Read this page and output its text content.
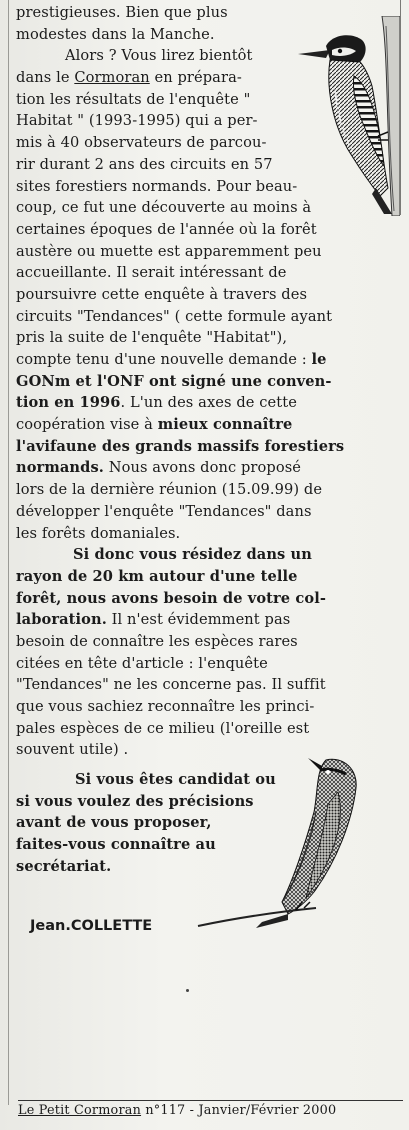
prestigieuses. Bien que plus
modestes dans la Manche.
Alors ? Vous lirez bientôt
dans le Cormoran en prépara-
tion les résultats de l'enquête "
Habitat " (1993-1995) qui a per-
mis à 40 observateurs de parcou-
rir durant 2 ans des circuits en 57
sites forestiers normands. Pour beau-
coup, ce fut une découverte au moins à
certaines époques de l'année où la forêt
austère ou muette est apparemment peu
accueillante. Il serait intéressant de
poursuivre cette enquête à travers des
circuits "Tendances" ( cette formule ayant
pris la suite de l'enquête "Habitat"),
compte tenu d'une nouvelle demande : le
GONm et l'ONF ont signé une conven-
tion en 1996. L'un des axes de cette
coopération vise à mieux connaître
l'avifaune des grands massifs forestiers
normands. Nous avons donc proposé
lors de la dernière réunion (15.09.99) de
développer l'enquête "Tendances" dans
les forêts domaniales.
Si donc vous résidez dans un
rayon de 20 km autour d'une telle
forêt, nous avons besoin de votre col-
laboration. Il n'est évidemment pas
besoin de connaître les espèces rares
citées en tête d'article : l'enquête
"Tendances" ne les concerne pas. Il suffit
que vous sachiez reconnaître les princi-
pales espèces de ce milieu (l'oreille est
souvent utile) .
Si vous êtes candidat ou
si vous voulez des précisions
avant de vous proposer,
faites-vous connaître au
secrétariat.
Jean.COLLETTE
Le Petit Cormoran n°117 - Janvier/Février 2000
